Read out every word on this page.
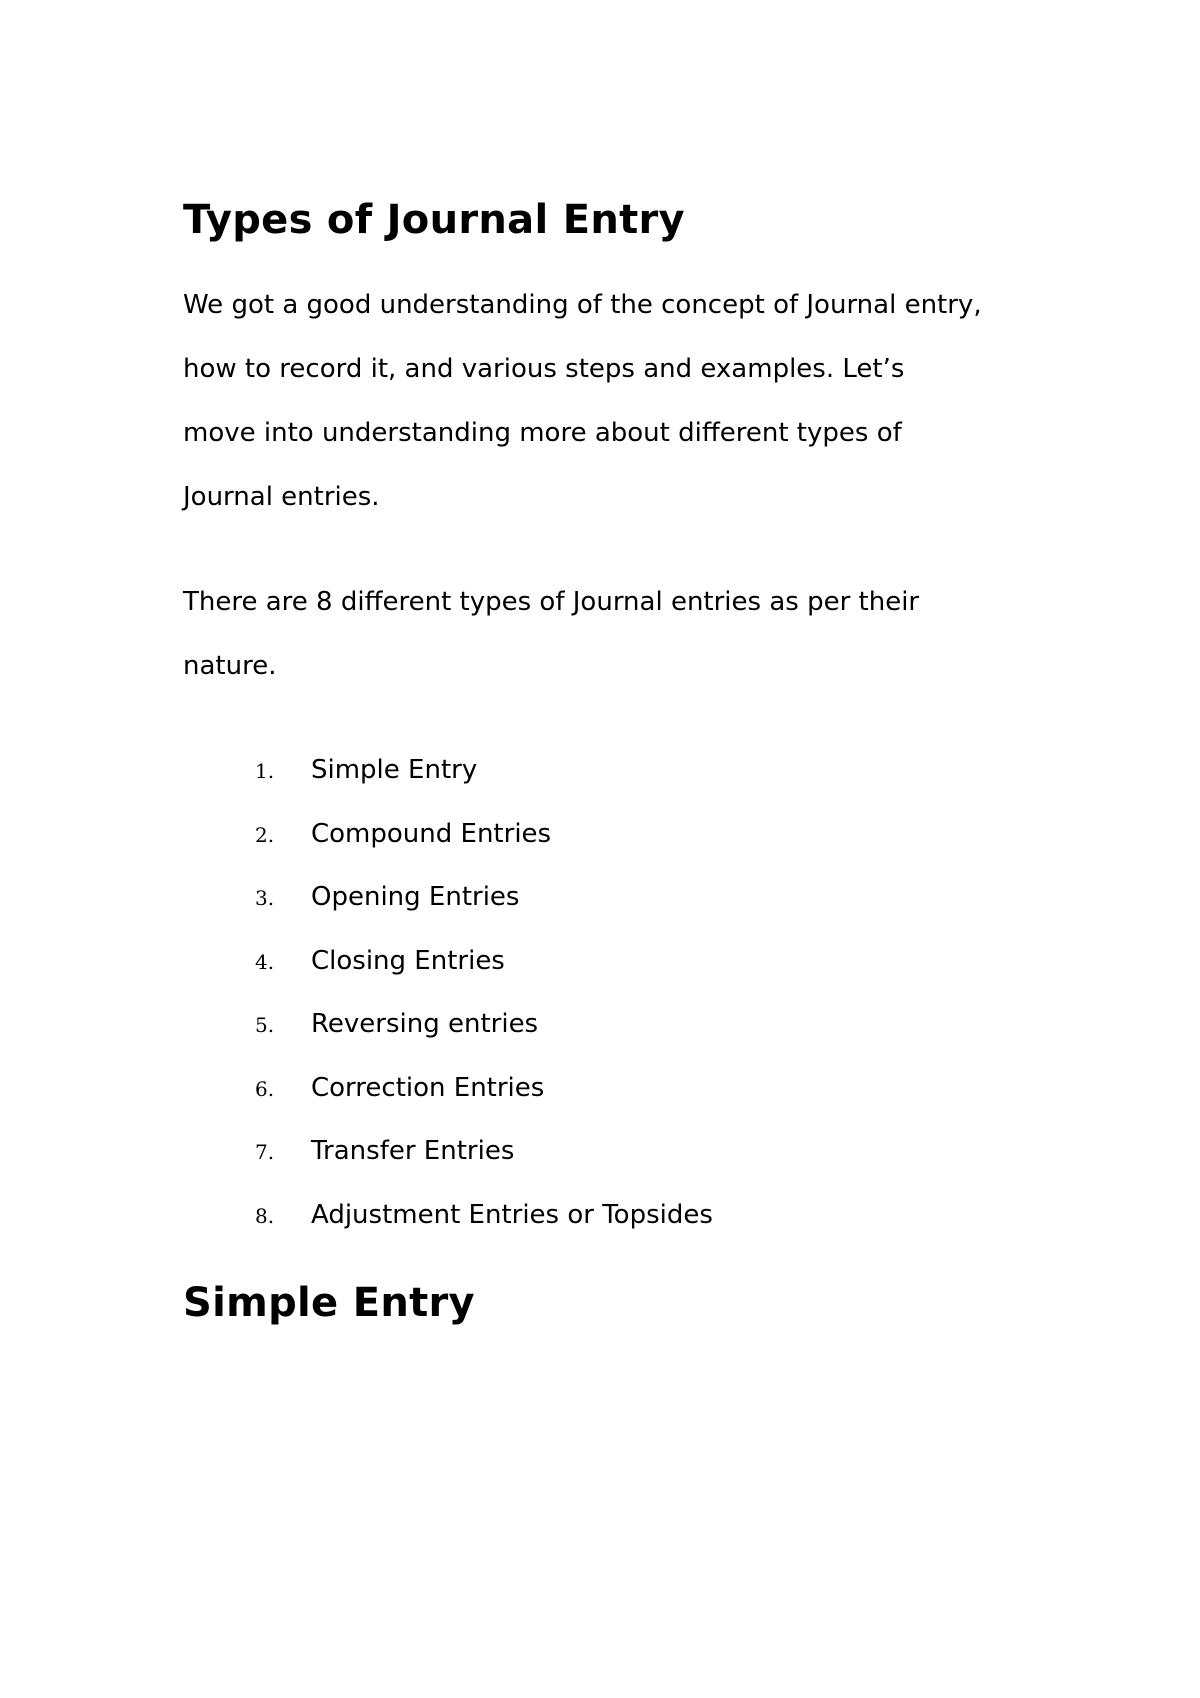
Types of Journal Entry

We got a good understanding of the concept of Journal entry,
how to record it, and various steps and examples. Let’s
move into understanding more about different types of
Journal entries.

There are 8 different types of Journal entries as per their
nature.

1.	Simple Entry
2.	Compound Entries
3.	Opening Entries
4.	Closing Entries
5.	Reversing entries
6.	Correction Entries
7.	Transfer Entries
8.	Adjustment Entries or Topsides
Simple Entry
